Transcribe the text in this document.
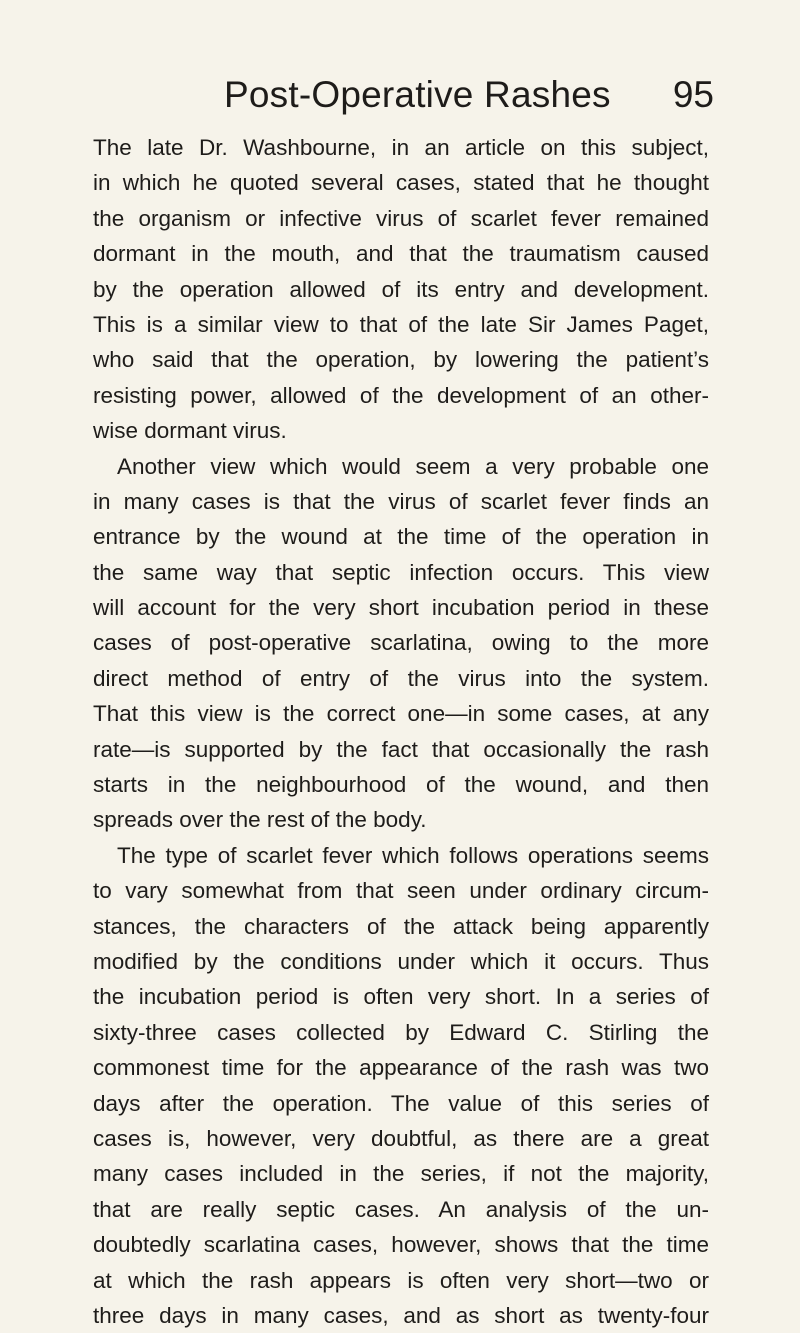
Post-Operative Rashes 95
The late Dr. Washbourne, in an article on this subject,
in which he quoted several cases, stated that he thought
the organism or infective virus of scarlet fever remained
dormant in the mouth, and that the traumatism caused
by the operation allowed of its entry and development.
This is a similar view to that of the late Sir James Paget,
who said that the operation, by lowering the patient’s
resisting power, allowed of the development of an other-
wise dormant virus.
Another view which would seem a very probable one
in many cases is that the virus of scarlet fever finds an
entrance by the wound at the time of the operation in
the same way that septic infection occurs. This view
will account for the very short incubation period in these
cases of post-operative scarlatina, owing to the more
direct method of entry of the virus into the system.
That this view is the correct one—in some cases, at any
rate—is supported by the fact that occasionally the rash
starts in the neighbourhood of the wound, and then
spreads over the rest of the body.
The type of scarlet fever which follows operations seems
to vary somewhat from that seen under ordinary circum-
stances, the characters of the attack being apparently
modified by the conditions under which it occurs. Thus
the incubation period is often very short. In a series of
sixty-three cases collected by Edward C. Stirling the
commonest time for the appearance of the rash was two
days after the operation. The value of this series of
cases is, however, very doubtful, as there are a great
many cases included in the series, if not the majority,
that are really septic cases. An analysis of the un-
doubtedly scarlatina cases, however, shows that the time
at which the rash appears is often very short—two or
three days in many cases, and as short as twenty-four
